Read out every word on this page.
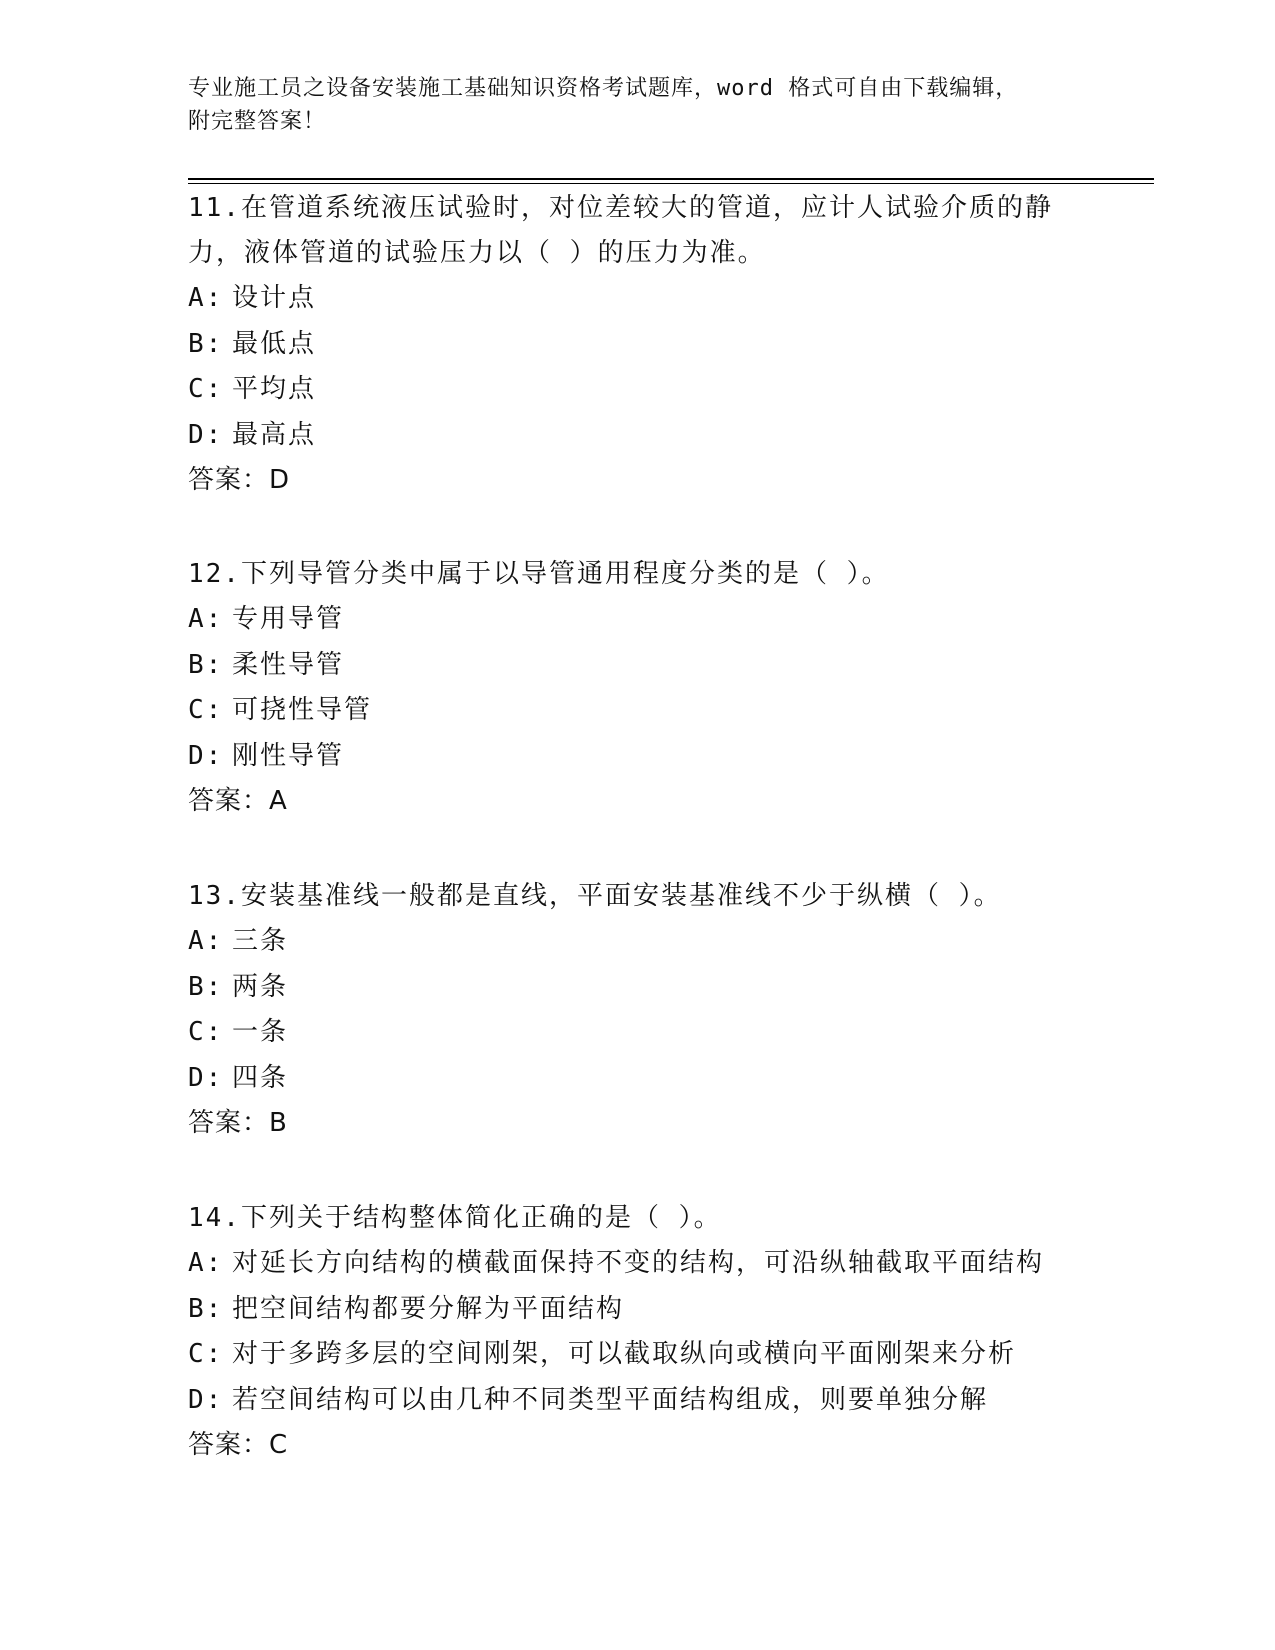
专业施工员之设备安装施工基础知识资格考试题库，word 格式可自由下载编辑，
附完整答案！
11.在管道系统液压试验时，对位差较大的管道，应计人试验介质的静力，液体管道的试验压力以（ ）的压力为准。
A: 设计点
B: 最低点
C: 平均点
D: 最高点
答案：D
12.下列导管分类中属于以导管通用程度分类的是（ ）。
A: 专用导管
B: 柔性导管
C: 可挠性导管
D: 刚性导管
答案：A
13.安装基准线一般都是直线，平面安装基准线不少于纵横（ ）。
A: 三条
B: 两条
C: 一条
D: 四条
答案：B
14.下列关于结构整体简化正确的是（ ）。
A: 对延长方向结构的横截面保持不变的结构，可沿纵轴截取平面结构
B: 把空间结构都要分解为平面结构
C: 对于多跨多层的空间刚架，可以截取纵向或横向平面刚架来分析
D: 若空间结构可以由几种不同类型平面结构组成，则要单独分解
答案：C
